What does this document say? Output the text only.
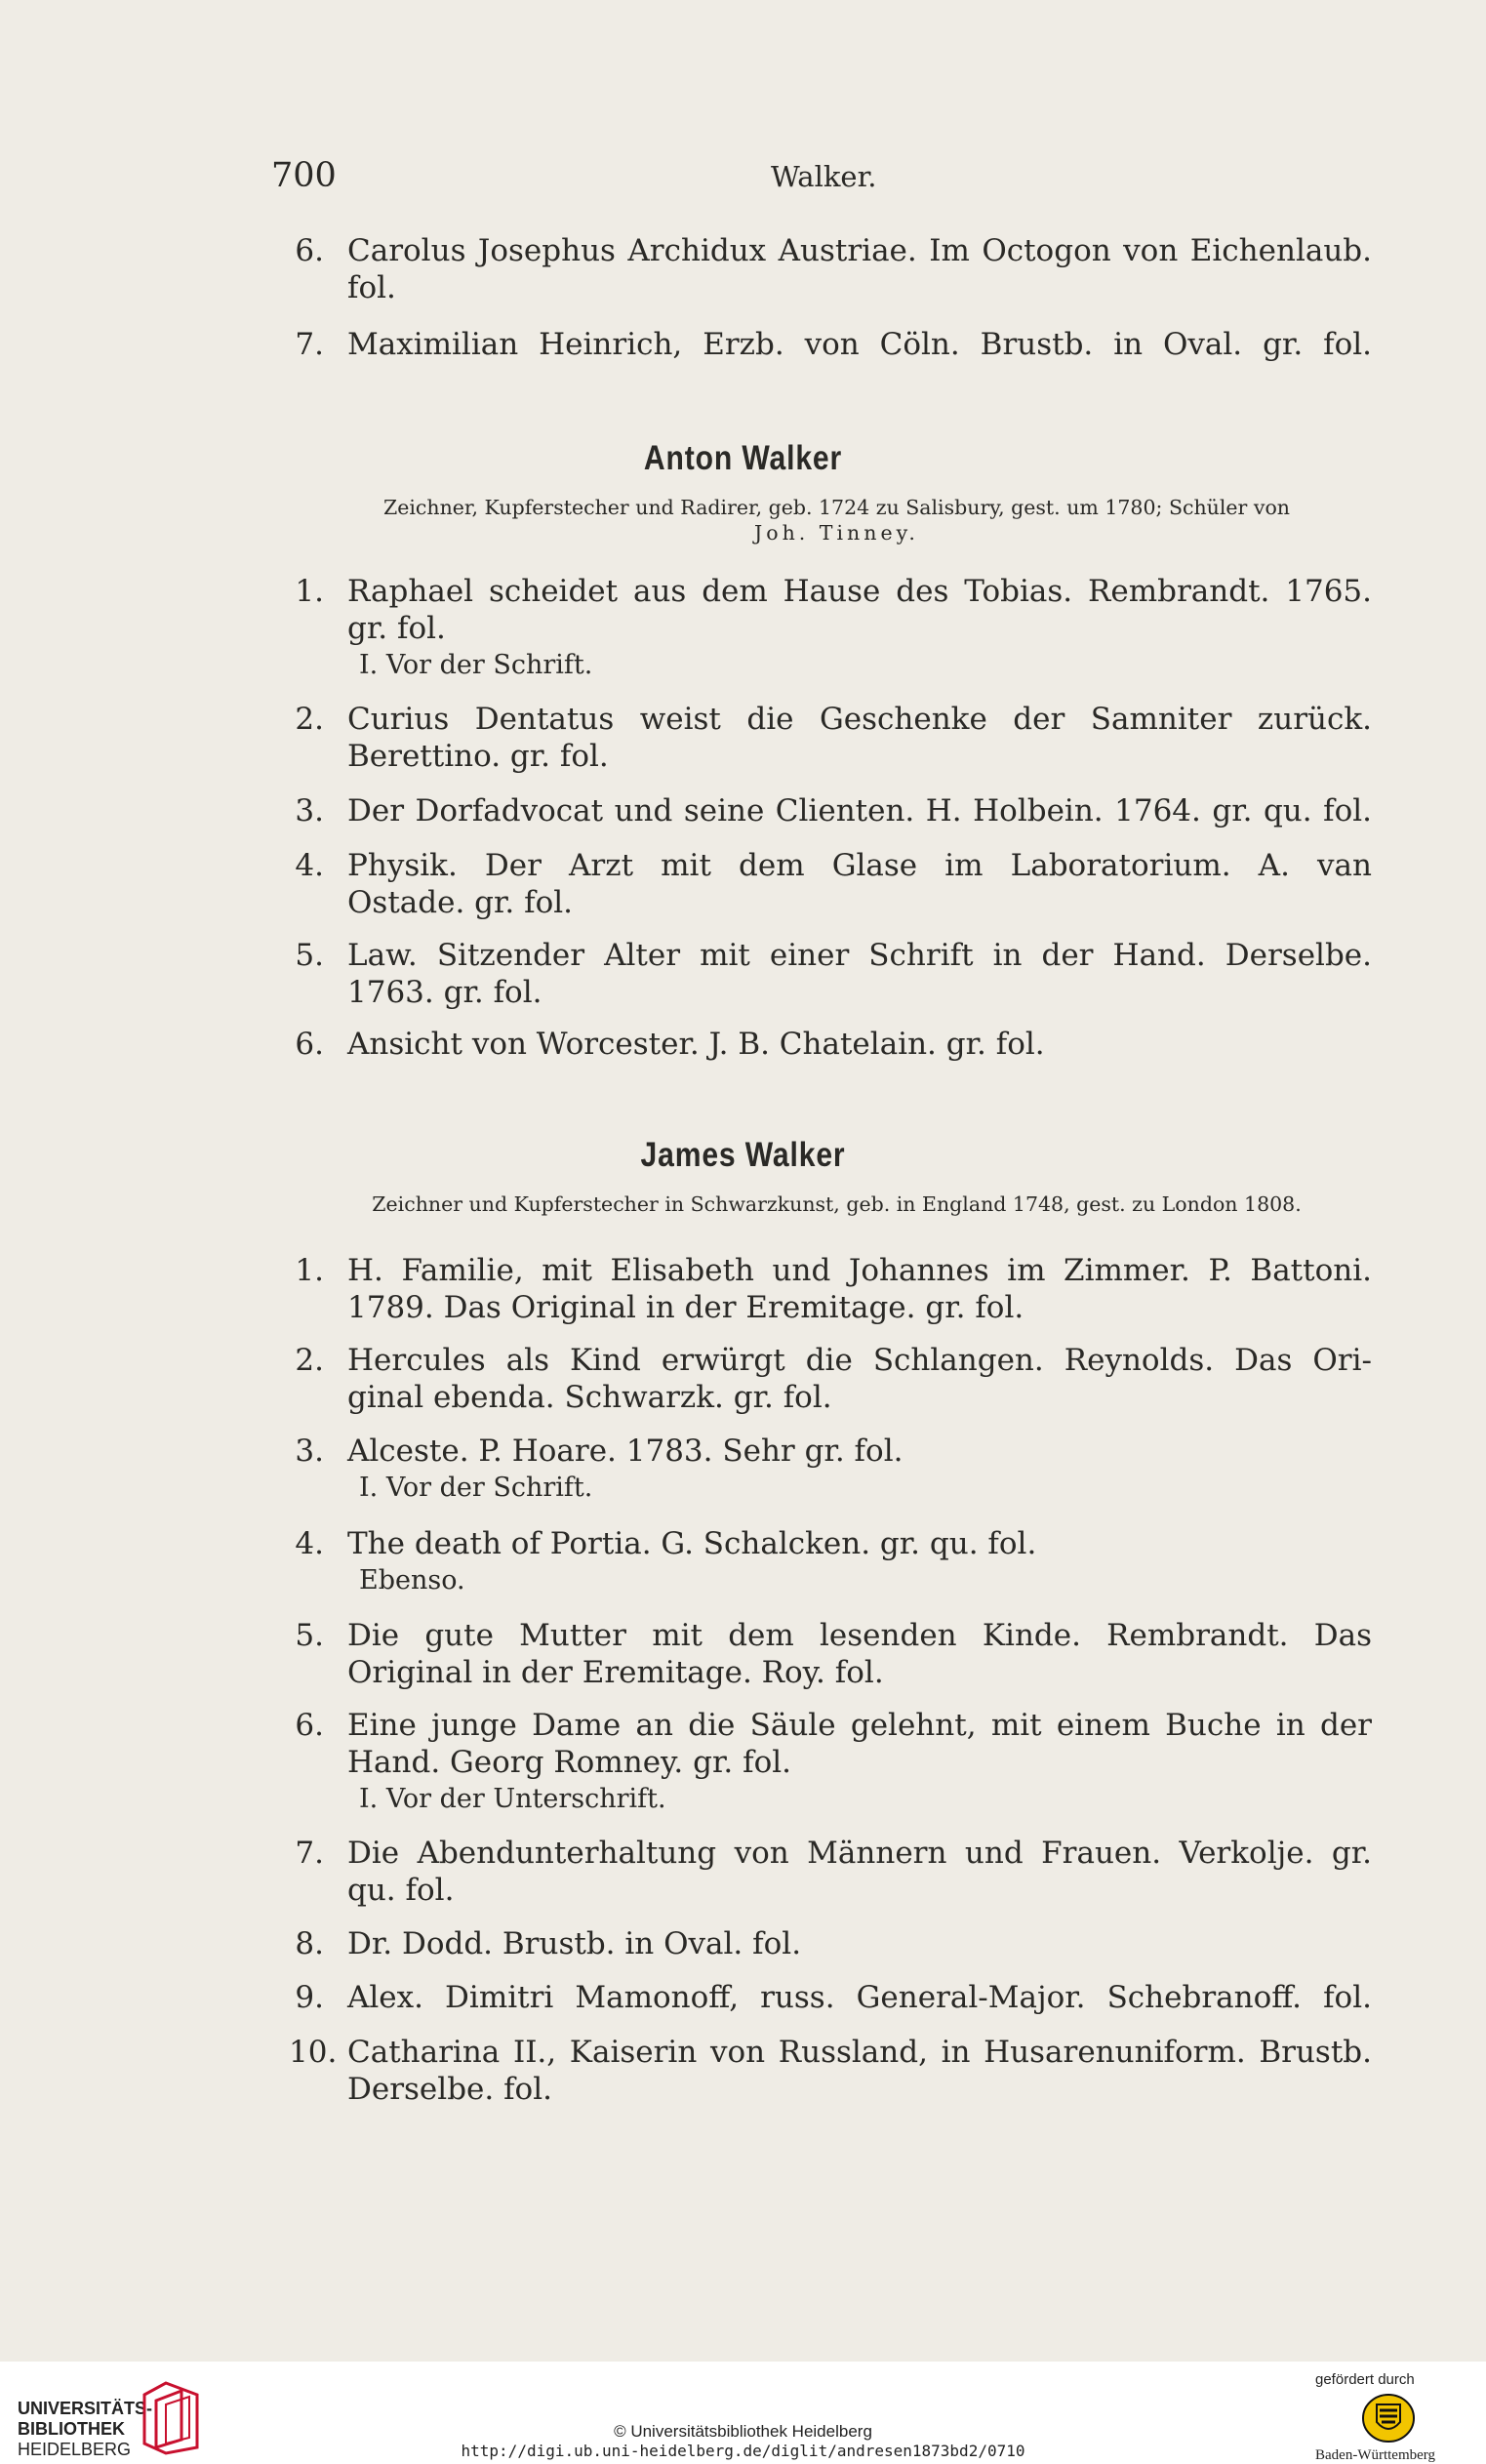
700	Walker.
6. Carolus Josephus Archidux Austriae. Im Octogon von Eichenlaub.
fol.
7. Maximilian Heinrich, Erzb. von Cöln. Brustb. in Oval. gr. fol.
Anton Walker
Zeichner, Kupferstecher und Radirer, geb. 1724 zu Salisbury, gest. um 1780; Schüler von
Joh. Tinney.
1. Raphael scheidet aus dem Hause des Tobias. Rembrandt. 1765.
gr. fol.
I. Vor der Schrift.
2. Curius Dentatus weist die Geschenke der Samniter zurück.
Berettino. gr. fol.
3. Der Dorfadvocat und seine Clienten. H. Holbein. 1764. gr. qu. fol.
4. Physik. Der Arzt mit dem Glase im Laboratorium. A. van
Ostade. gr. fol.
5. Law. Sitzender Alter mit einer Schrift in der Hand. Derselbe.
1763. gr. fol.
6. Ansicht von Worcester. J. B. Chatelain. gr. fol.
James Walker
Zeichner und Kupferstecher in Schwarzkunst, geb. in England 1748, gest. zu London 1808.
1. H. Familie, mit Elisabeth und Johannes im Zimmer. P. Battoni.
1789. Das Original in der Eremitage. gr. fol.
2. Hercules als Kind erwürgt die Schlangen. Reynolds. Das Ori-
ginal ebenda. Schwarzk. gr. fol.
3. Alceste. P. Hoare. 1783. Sehr gr. fol.
I. Vor der Schrift.
4. The death of Portia. G. Schalcken. gr. qu. fol.
Ebenso.
5. Die gute Mutter mit dem lesenden Kinde. Rembrandt. Das
Original in der Eremitage. Roy. fol.
6. Eine junge Dame an die Säule gelehnt, mit einem Buche in der
Hand. Georg Romney. gr. fol.
I. Vor der Unterschrift.
7. Die Abendunterhaltung von Männern und Frauen. Verkolje. gr.
qu. fol.
8. Dr. Dodd. Brustb. in Oval. fol.
9. Alex. Dimitri Mamonoff, russ. General-Major. Schebranoff. fol.
10. Catharina II., Kaiserin von Russland, in Husarenuniform. Brustb.
Derselbe. fol.
UNIVERSITÄTS-
BIBLIOTHEK
HEIDELBERG
© Universitätsbibliothek Heidelberg
http://digi.ub.uni-heidelberg.de/diglit/andresen1873bd2/0710
gefördert durch
Baden-Württemberg
